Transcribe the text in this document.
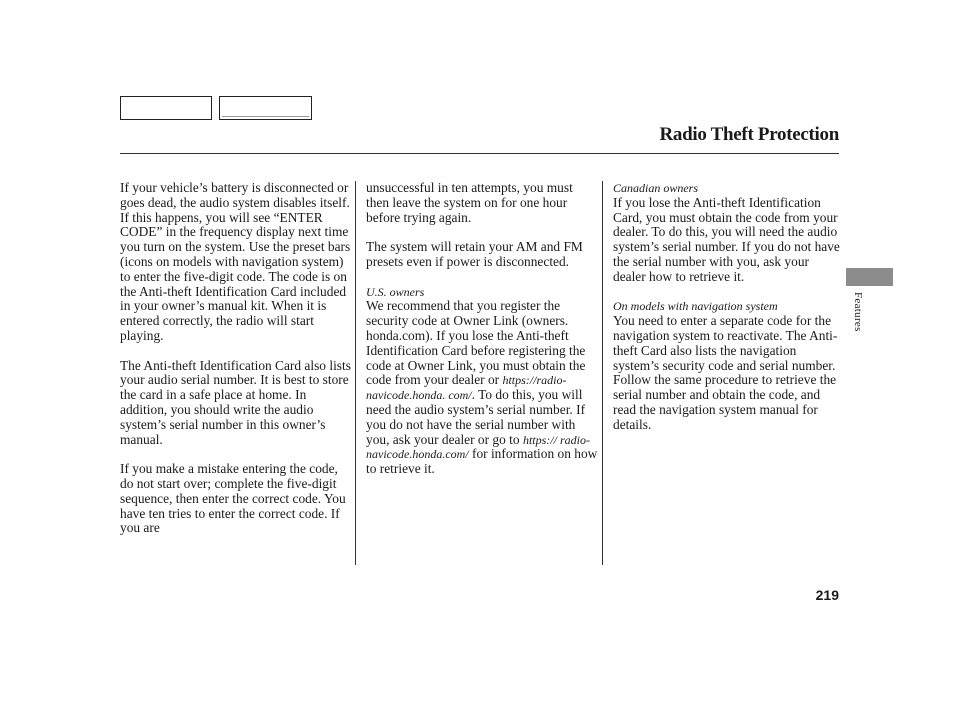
Radio Theft Protection

If your vehicle’s battery is disconnected or goes dead, the audio system disables itself. If this happens, you will see “ENTER CODE” in the frequency display next time you turn on the system. Use the preset bars (icons on models with navigation system) to enter the five-digit code. The code is on the Anti-theft Identification Card included in your owner’s manual kit. When it is entered correctly, the radio will start playing.

The Anti-theft Identification Card also lists your audio serial number. It is best to store the card in a safe place at home. In addition, you should write the audio system’s serial number in this owner’s manual.

If you make a mistake entering the code, do not start over; complete the five-digit sequence, then enter the correct code. You have ten tries to enter the correct code. If you are

unsuccessful in ten attempts, you must then leave the system on for one hour before trying again.

The system will retain your AM and FM presets even if power is disconnected.

U.S. owners

We recommend that you register the security code at Owner Link (owners. honda.com). If you lose the Anti-theft Identification Card before registering the code at Owner Link, you must obtain the code from your dealer or https://radio-navicode.honda. com/. To do this, you will need the audio system’s serial number. If you do not have the serial number with you, ask your dealer or go to https:// radio-navicode.honda.com/ for information on how to retrieve it.

Canadian owners

If you lose the Anti-theft Identification Card, you must obtain the code from your dealer. To do this, you will need the audio system’s serial number. If you do not have the serial number with you, ask your dealer how to retrieve it.

On models with navigation system

You need to enter a separate code for the navigation system to reactivate. The Anti-theft Card also lists the navigation system’s security code and serial number. Follow the same procedure to retrieve the serial number and obtain the code, and read the navigation system manual for details.

Features
219
